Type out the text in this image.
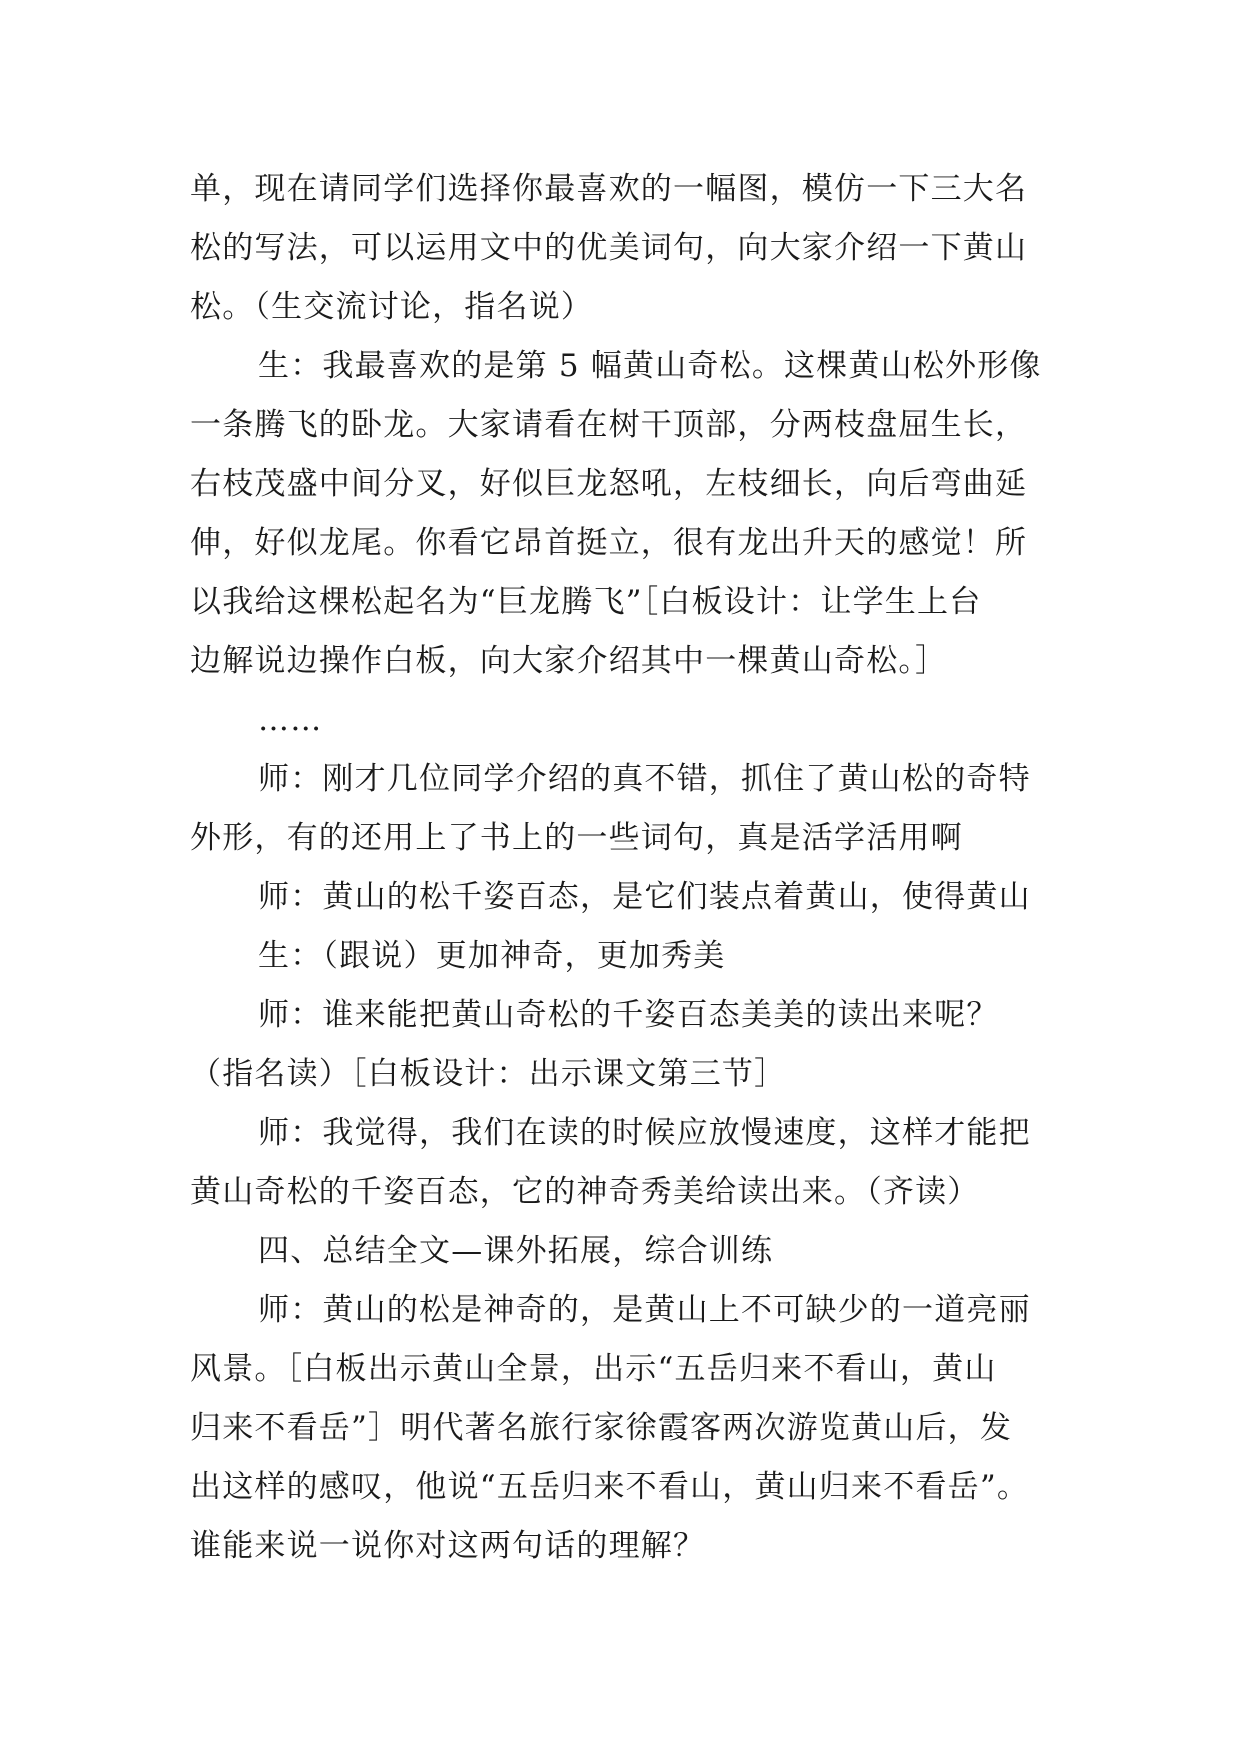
单，现在请同学们选择你最喜欢的一幅图，模仿一下三大名
松的写法，可以运用文中的优美词句，向大家介绍一下黄山
松。（生交流讨论，指名说）
生：我最喜欢的是第 5 幅黄山奇松。这棵黄山松外形像
一条腾飞的卧龙。大家请看在树干顶部，分两枝盘屈生长，
右枝茂盛中间分叉，好似巨龙怒吼，左枝细长，向后弯曲延
伸，好似龙尾。你看它昂首挺立，很有龙出升天的感觉！所
以我给这棵松起名为“巨龙腾飞”［白板设计：让学生上台
边解说边操作白板，向大家介绍其中一棵黄山奇松。］
……
师：刚才几位同学介绍的真不错，抓住了黄山松的奇特
外形，有的还用上了书上的一些词句，真是活学活用啊
师：黄山的松千姿百态，是它们装点着黄山，使得黄山
生：（跟说）更加神奇，更加秀美
师：谁来能把黄山奇松的千姿百态美美的读出来呢？
（指名读）［白板设计：出示课文第三节］
师：我觉得，我们在读的时候应放慢速度，这样才能把
黄山奇松的千姿百态，它的神奇秀美给读出来。（齐读）
四、总结全文—课外拓展，综合训练
师：黄山的松是神奇的，是黄山上不可缺少的一道亮丽
风景。［白板出示黄山全景，出示“五岳归来不看山，黄山
归来不看岳”］明代著名旅行家徐霞客两次游览黄山后，发
出这样的感叹，他说“五岳归来不看山，黄山归来不看岳”。
谁能来说一说你对这两句话的理解？
